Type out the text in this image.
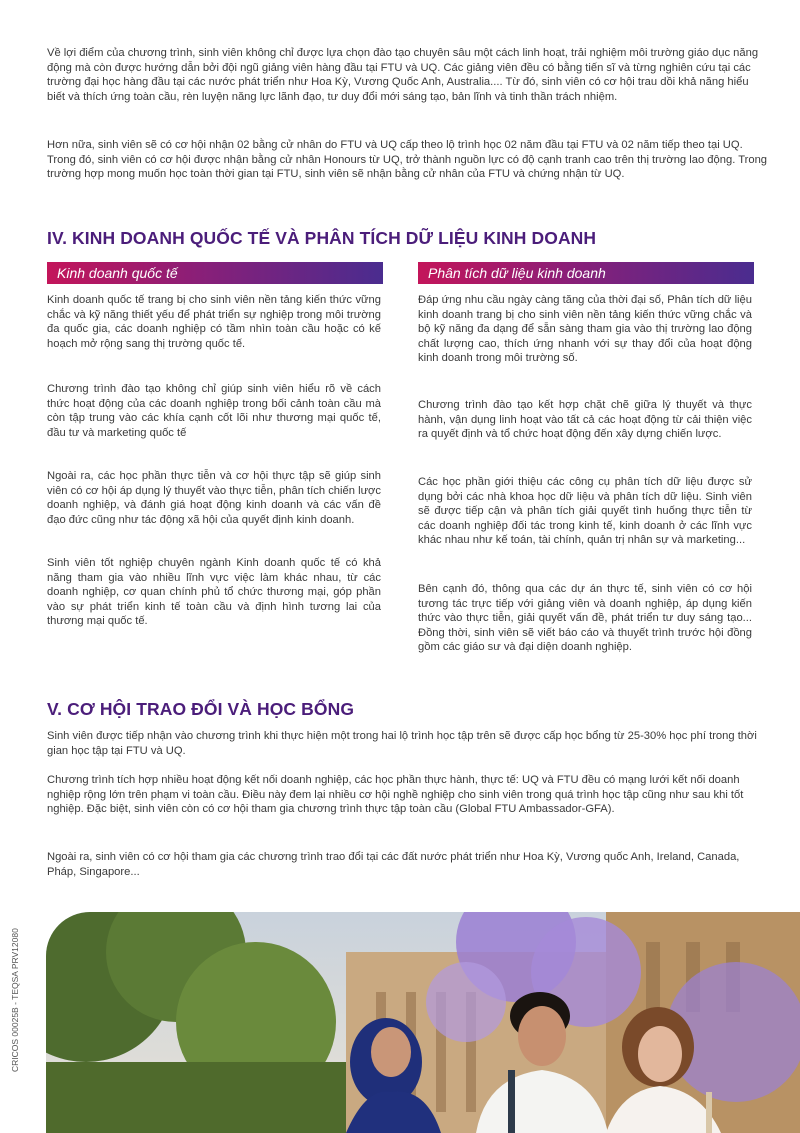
Về lợi điểm của chương trình, sinh viên không chỉ được lựa chọn đào tạo chuyên sâu một cách linh hoạt, trải nghiệm môi trường giáo dục năng động mà còn được hướng dẫn bởi đội ngũ giảng viên hàng đầu tại FTU và UQ. Các giảng viên đều có bằng tiến sĩ và từng nghiên cứu tại các trường đại học hàng đầu tại các nước phát triển như Hoa Kỳ, Vương Quốc Anh, Australia.... Từ đó, sinh viên có cơ hội trau dồi khả năng hiểu biết và thích ứng toàn cầu, rèn luyện năng lực lãnh đạo, tư duy đổi mới sáng tạo, bản lĩnh và tinh thần trách nhiệm.

Hơn nữa, sinh viên sẽ có cơ hội nhận 02 bằng cử nhân do FTU và UQ cấp theo lộ trình học 02 năm đầu tại FTU và 02 năm tiếp theo tại UQ. Trong đó, sinh viên có cơ hội được nhận bằng cử nhân Honours từ UQ, trở thành nguồn lực có độ cạnh tranh cao trên thị trường lao động. Trong trường hợp mong muốn học toàn thời gian tại FTU, sinh viên sẽ nhận bằng cử nhân của FTU và chứng nhận từ UQ.

IV. KINH DOANH QUỐC TẾ VÀ PHÂN TÍCH DỮ LIỆU KINH DOANH
Kinh doanh quốc tế	Phân tích dữ liệu kinh doanh

Kinh doanh quốc tế trang bị cho sinh viên nền tảng kiến thức vững chắc và kỹ năng thiết yếu để phát triển sự nghiệp trong môi trường đa quốc gia, các doanh nghiệp có tầm nhìn toàn cầu hoặc có kế hoạch mở rộng sang thị trường quốc tế.

Chương trình đào tạo không chỉ giúp sinh viên hiểu rõ về cách thức hoạt động của các doanh nghiệp trong bối cảnh toàn cầu mà còn tập trung vào các khía cạnh cốt lõi như thương mại quốc tế, đầu tư và marketing quốc tế

Ngoài ra, các học phần thực tiễn và cơ hội thực tập sẽ giúp sinh viên có cơ hội áp dụng lý thuyết vào thực tiễn, phân tích chiến lược doanh nghiệp, và đánh giá hoạt động kinh doanh và các vấn đề đạo đức cũng như tác động xã hội của quyết định kinh doanh.

Sinh viên tốt nghiệp chuyên ngành Kinh doanh quốc tế có khả năng tham gia vào nhiều lĩnh vực việc làm khác nhau, từ các doanh nghiệp, cơ quan chính phủ tổ chức thương mại, góp phần vào sự phát triển kinh tế toàn cầu và định hình tương lai của thương mại quốc tế.

Đáp ứng nhu cầu ngày càng tăng của thời đại số, Phân tích dữ liệu kinh doanh trang bị cho sinh viên nền tảng kiến thức vững chắc và bộ kỹ năng đa dạng để sẵn sàng tham gia vào thị trường lao động chất lượng cao, thích ứng nhanh với sự thay đổi của hoạt động kinh doanh trong môi trường số.

Chương trình đào tạo kết hợp chặt chẽ giữa lý thuyết và thực hành, vận dụng linh hoạt vào tất cả các hoạt động từ cải thiện việc ra quyết định và tổ chức hoạt động đến xây dựng chiến lược.

Các học phần giới thiệu các công cụ phân tích dữ liệu được sử dụng bởi các nhà khoa học dữ liệu và phân tích dữ liệu. Sinh viên sẽ được tiếp cận và phân tích giải quyết tình huống thực tiễn từ các doanh nghiệp đối tác trong kinh tế, kinh doanh ở các lĩnh vực khác nhau như kế toán, tài chính, quản trị nhân sự và marketing...

Bên cạnh đó, thông qua các dự án thực tế, sinh viên có cơ hội tương tác trực tiếp với giảng viên và doanh nghiệp, áp dụng kiến thức vào thực tiễn, giải quyết vấn đề, phát triển tư duy sáng tạo... Đồng thời, sinh viên sẽ viết báo cáo và thuyết trình trước hội đồng gồm các giáo sư và đại diện doanh nghiệp.

V. CƠ HỘI TRAO ĐỔI VÀ HỌC BỔNG

Sinh viên được tiếp nhận vào chương trình khi thực hiện một trong hai lộ trình học tập trên sẽ được cấp học bổng từ 25-30% học phí trong thời gian học tập tại FTU và UQ.

Chương trình tích hợp nhiều hoạt động kết nối doanh nghiệp, các học phần thực hành, thực tế: UQ và FTU đều có mạng lưới kết nối doanh nghiệp rộng lớn trên phạm vi toàn cầu. Điều này đem lại nhiều cơ hội nghề nghiệp cho sinh viên trong quá trình học tập cũng như sau khi tốt nghiệp. Đặc biệt, sinh viên còn có cơ hội tham gia chương trình thực tập toàn cầu (Global FTU Ambassador-GFA).

Ngoài ra, sinh viên có cơ hội tham gia các chương trình trao đổi tại các đất nước phát triển như Hoa Kỳ, Vương quốc Anh, Ireland, Canada, Pháp, Singapore...

CRICOS 00025B - TEQSA PRV12080
